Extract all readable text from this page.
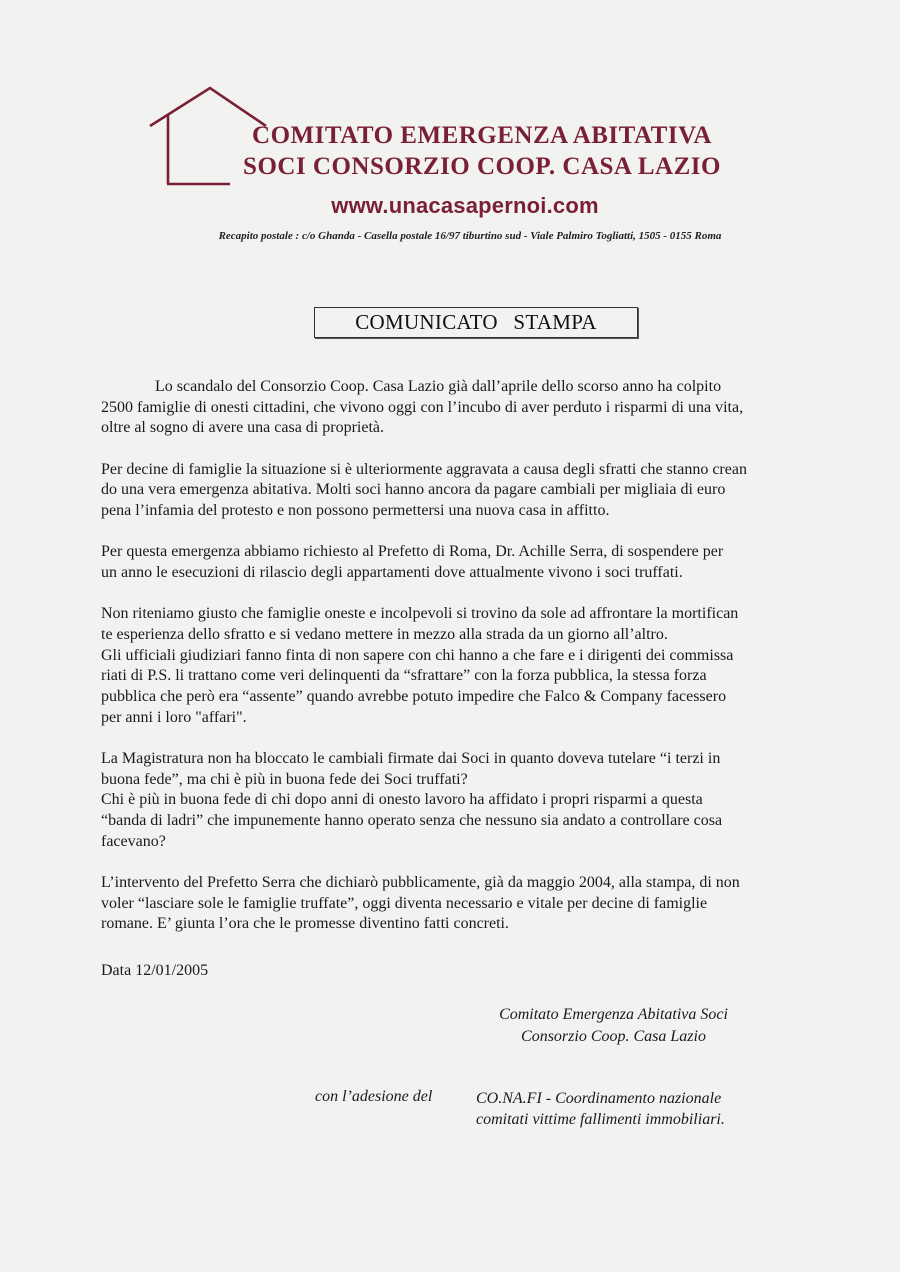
COMITATO EMERGENZA ABITATIVA
SOCI CONSORZIO COOP. CASA LAZIO
www.unacasapernoi.com
Recapito postale : c/o Ghanda - Casella postale 16/97 tiburtino sud - Viale Palmiro Togliatti, 1505 - 0155 Roma
COMUNICATO STAMPA

Lo scandalo del Consorzio Coop. Casa Lazio già dall’aprile dello scorso anno ha colpito
2500 famiglie di onesti cittadini, che vivono oggi con l’incubo di aver perduto i risparmi di una vita,
oltre al sogno di avere una casa di proprietà.

Per decine di famiglie la situazione si è ulteriormente aggravata a causa degli sfratti che stanno crean
do una vera emergenza abitativa. Molti soci hanno ancora da pagare cambiali per migliaia di euro
pena l’infamia del protesto e non possono permettersi una nuova casa in affitto.

Per questa emergenza abbiamo richiesto al Prefetto di Roma, Dr. Achille Serra, di sospendere per
un anno le esecuzioni di rilascio degli appartamenti dove attualmente vivono i soci truffati.

Non riteniamo giusto che famiglie oneste e incolpevoli si trovino da sole ad affrontare la mortifican
te esperienza dello sfratto e si vedano mettere in mezzo alla strada da un giorno all’altro.
Gli ufficiali giudiziari fanno finta di non sapere con chi hanno a che fare e i dirigenti dei commissa
riati di P.S. li trattano come veri delinquenti da “sfrattare” con la forza pubblica, la stessa forza
pubblica che però era “assente” quando avrebbe potuto impedire che Falco & Company facessero
per anni i loro "affari".

La Magistratura non ha bloccato le cambiali firmate dai Soci in quanto doveva tutelare “i terzi in
buona fede”, ma chi è più in buona fede dei Soci truffati?
Chi è più in buona fede di chi dopo anni di onesto lavoro ha affidato i propri risparmi a questa
“banda di ladri” che impunemente hanno operato senza che nessuno sia andato a controllare cosa
facevano?

L’intervento del Prefetto Serra che dichiarò pubblicamente, già da maggio 2004, alla stampa, di non
voler “lasciare sole le famiglie truffate”, oggi diventa necessario e vitale per decine di famiglie
romane. E’ giunta l’ora che le promesse diventino fatti concreti.

Data 12/01/2005
Comitato Emergenza Abitativa Soci
Consorzio Coop. Casa Lazio
con l’adesione del	CO.NA.FI - Coordinamento nazionale
comitati vittime fallimenti immobiliari.
